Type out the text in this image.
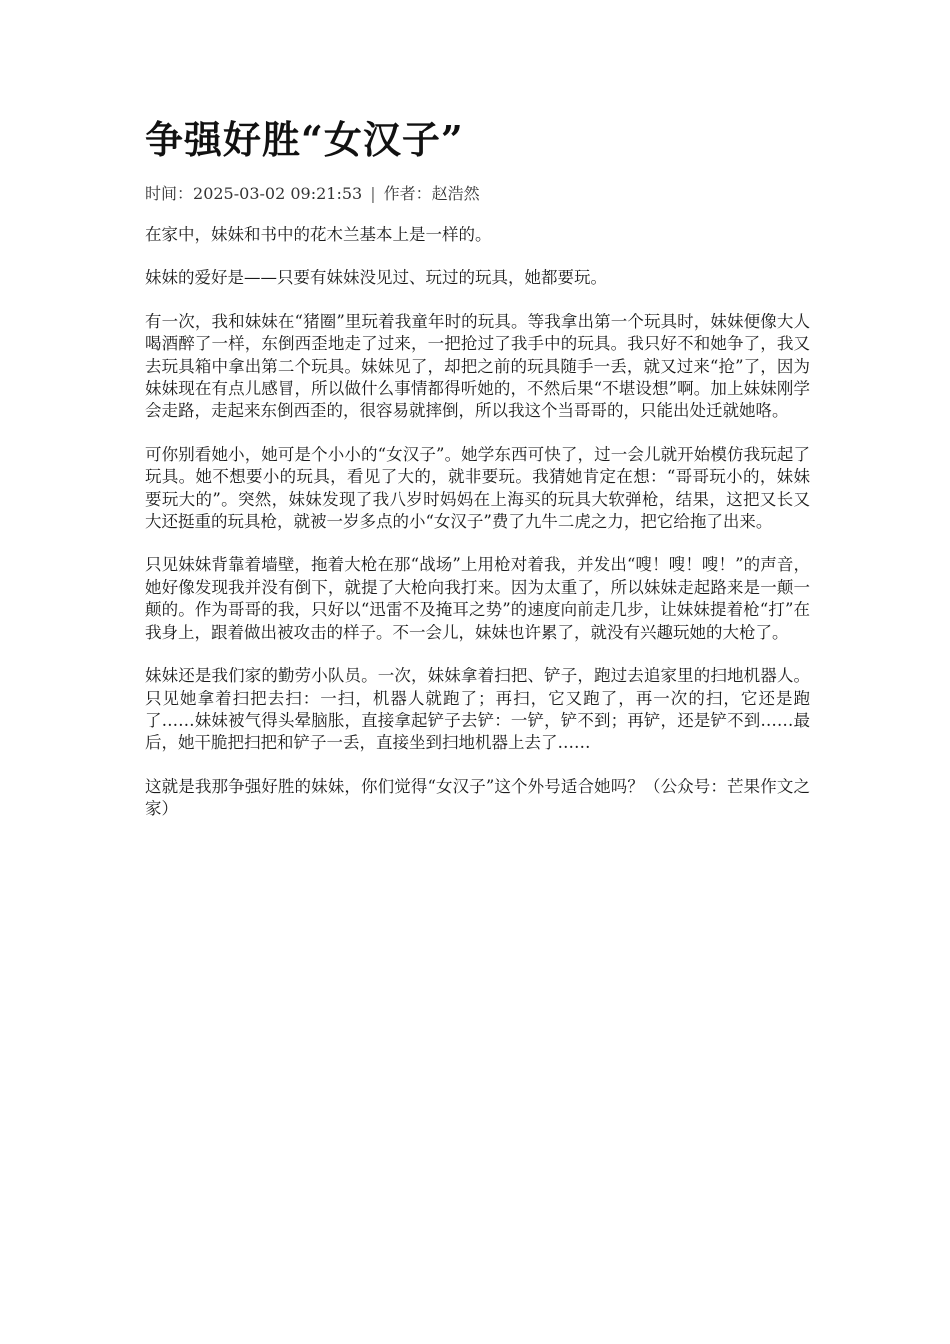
争强好胜“女汉子”
时间：2025-03-02 09:21:53 | 作者：赵浩然

在家中，妹妹和书中的花木兰基本上是一样的。

妹妹的爱好是——只要有妹妹没见过、玩过的玩具，她都要玩。

有一次，我和妹妹在“猪圈”里玩着我童年时的玩具。等我拿出第一个玩具时，妹妹便像大人喝酒醉了一样，东倒西歪地走了过来，一把抢过了我手中的玩具。我只好不和她争了，我又去玩具箱中拿出第二个玩具。妹妹见了，却把之前的玩具随手一丢，就又过来“抢”了，因为妹妹现在有点儿感冒，所以做什么事情都得听她的，不然后果“不堪设想”啊。加上妹妹刚学会走路，走起来东倒西歪的，很容易就摔倒，所以我这个当哥哥的，只能出处迁就她咯。

可你别看她小，她可是个小小的“女汉子”。她学东西可快了，过一会儿就开始模仿我玩起了玩具。她不想要小的玩具，看见了大的，就非要玩。我猜她肯定在想：“哥哥玩小的，妹妹要玩大的”。突然，妹妹发现了我八岁时妈妈在上海买的玩具大软弹枪，结果，这把又长又大还挺重的玩具枪，就被一岁多点的小“女汉子”费了九牛二虎之力，把它给拖了出来。

只见妹妹背靠着墙壁，拖着大枪在那“战场”上用枪对着我，并发出“嗖！嗖！嗖！”的声音，她好像发现我并没有倒下，就提了大枪向我打来。因为太重了，所以妹妹走起路来是一颠一颠的。作为哥哥的我，只好以“迅雷不及掩耳之势”的速度向前走几步，让妹妹提着枪“打”在我身上，跟着做出被攻击的样子。不一会儿，妹妹也许累了，就没有兴趣玩她的大枪了。

妹妹还是我们家的勤劳小队员。一次，妹妹拿着扫把、铲子，跑过去追家里的扫地机器人。只见她拿着扫把去扫：一扫，机器人就跑了；再扫，它又跑了，再一次的扫，它还是跑了……妹妹被气得头晕脑胀，直接拿起铲子去铲：一铲，铲不到；再铲，还是铲不到……最后，她干脆把扫把和铲子一丢，直接坐到扫地机器上去了……

这就是我那争强好胜的妹妹，你们觉得“女汉子”这个外号适合她吗？（公众号：芒果作文之家）
